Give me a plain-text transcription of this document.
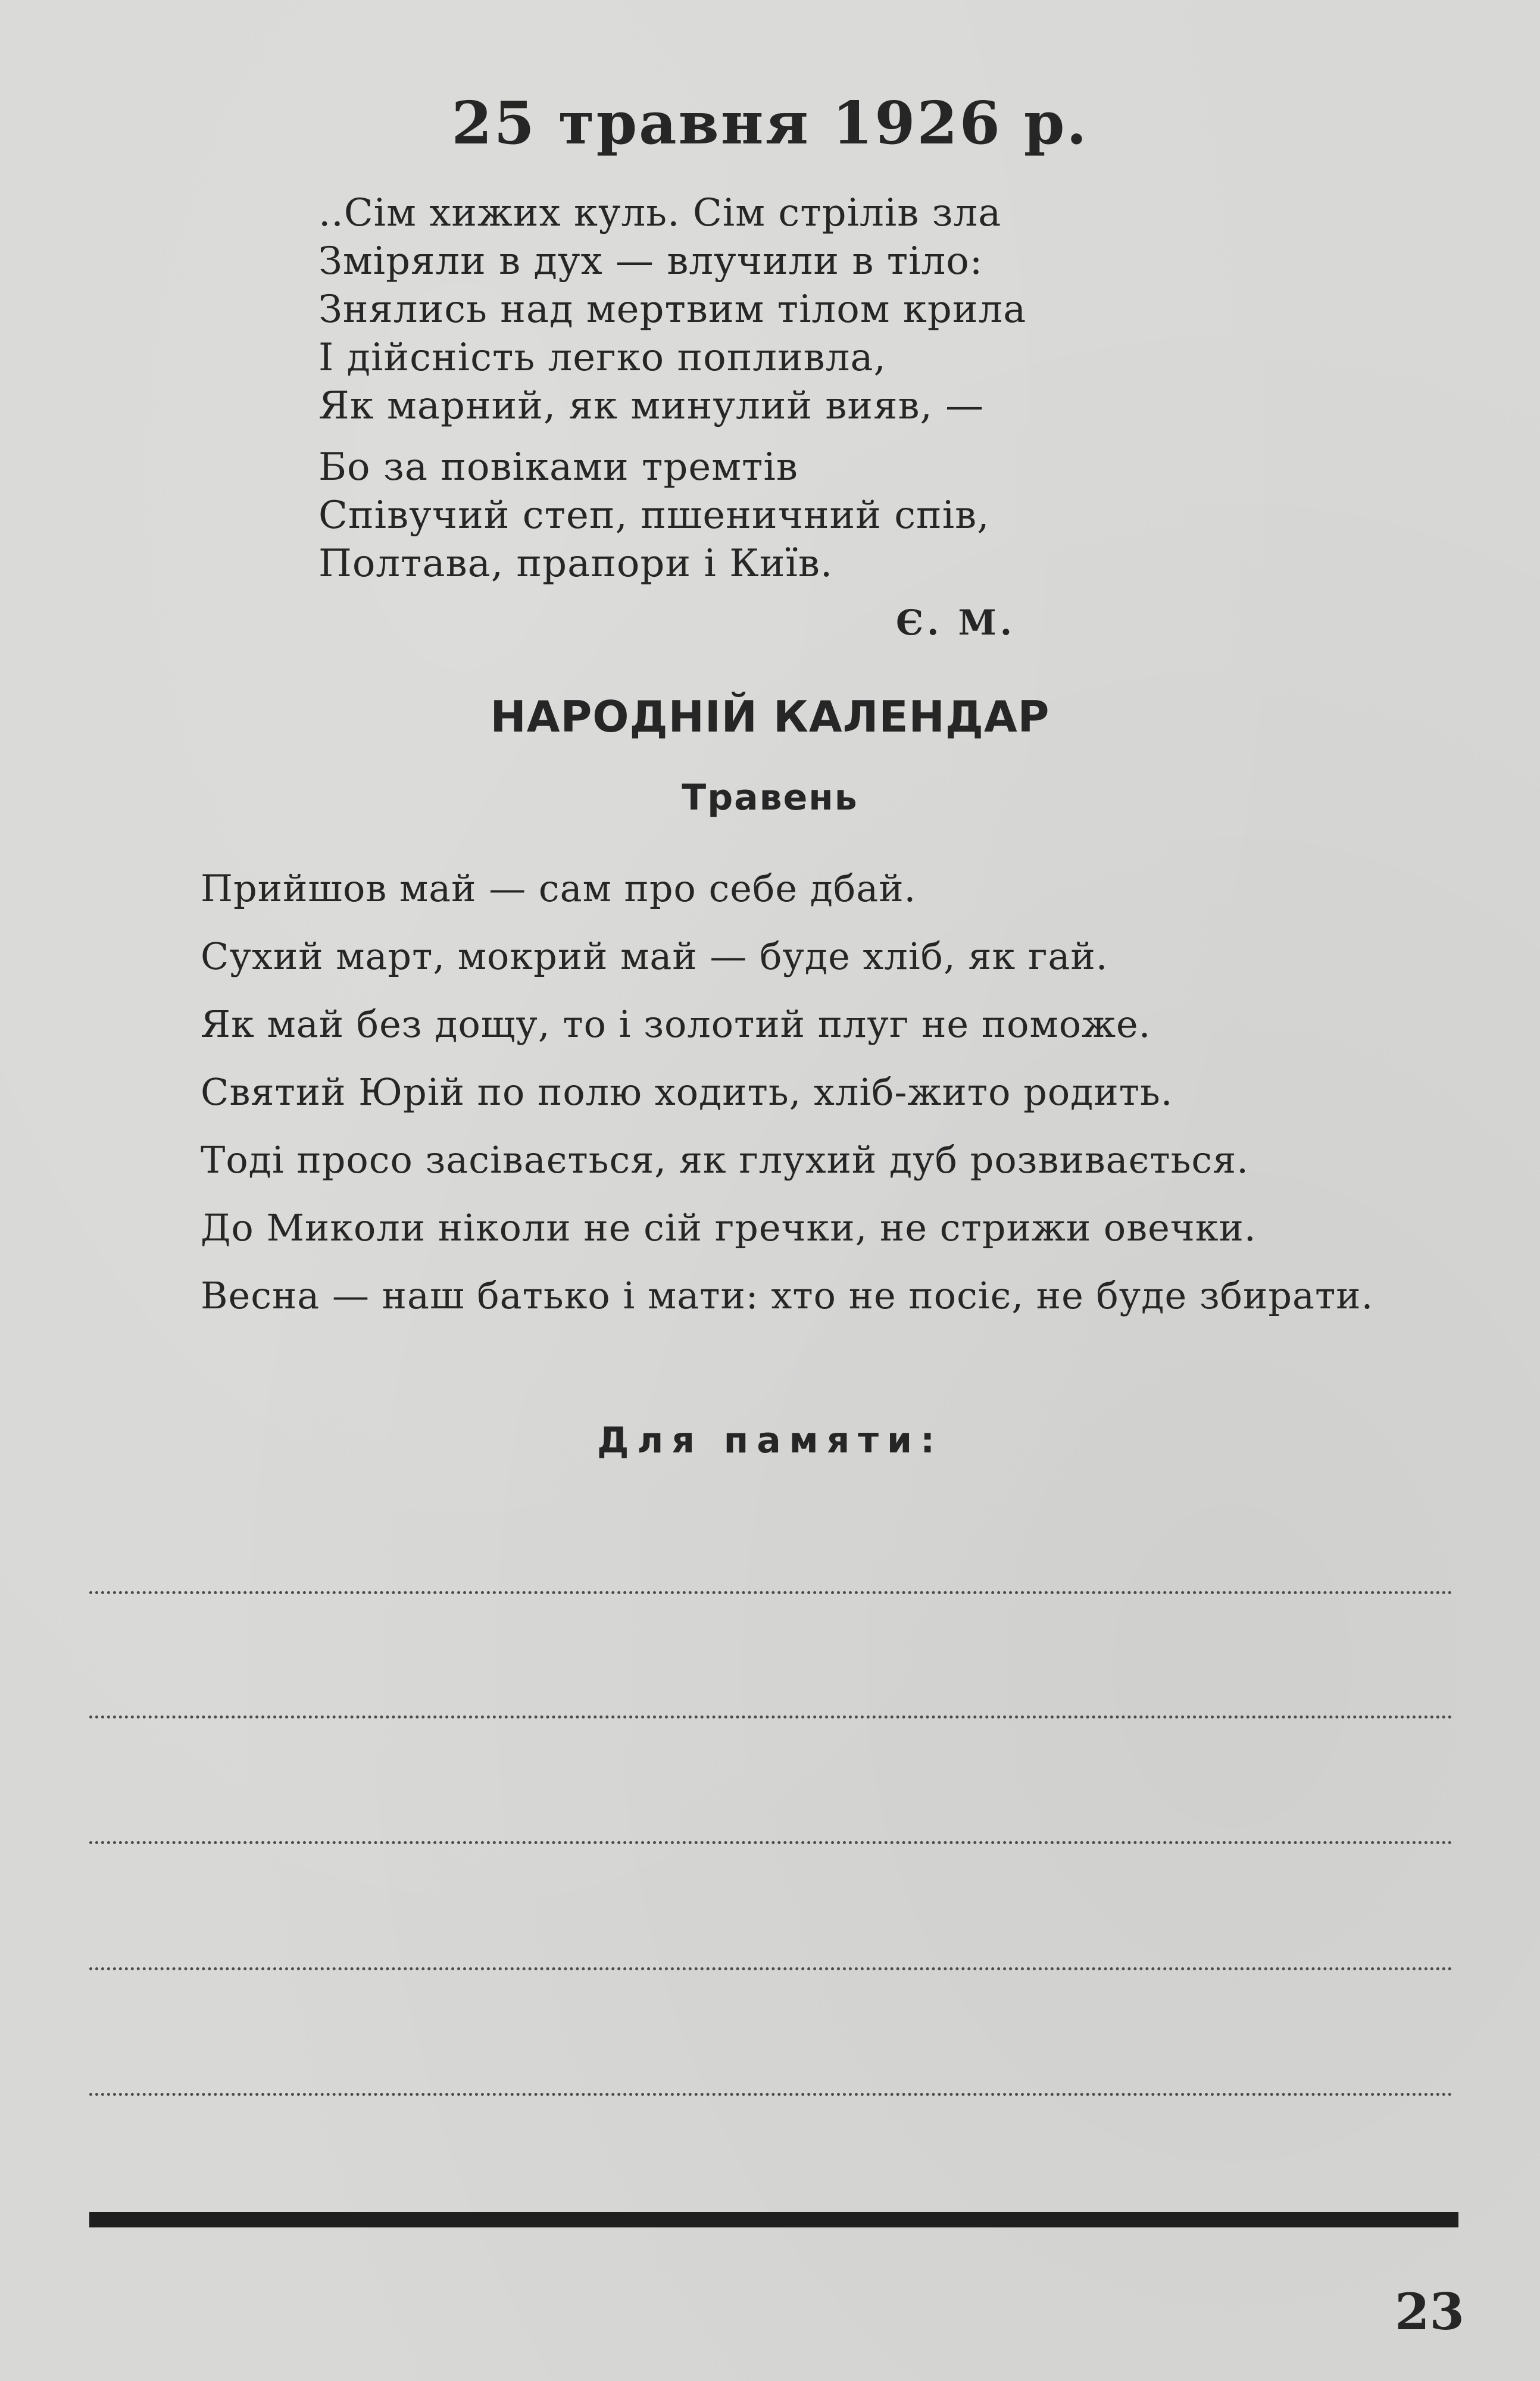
25 травня 1926 р.
..Сім хижих куль. Сім стрілів зла
Зміряли в дух — влучили в тіло:
Знялись над мертвим тілом крила
І дійсність легко попливла,
Як марний, як минулий вияв, —
Бо за повіками тремтів
Співучий степ, пшеничний спів,
Полтава, прапори і Київ.
Є. М.
НАРОДНІЙ КАЛЕНДАР
Травень
Прийшов май — сам про себе дбай.
Сухий март, мокрий май — буде хліб, як гай.
Як май без дощу, то і золотий плуг не поможе.
Святий Юрій по полю ходить, хліб-жито родить.
Тоді просо засівається, як глухий дуб розвивається.
До Миколи ніколи не сій гречки, не стрижи овечки.
Весна — наш батько і мати: хто не посіє, не буде збирати.
Для памяти:
23
